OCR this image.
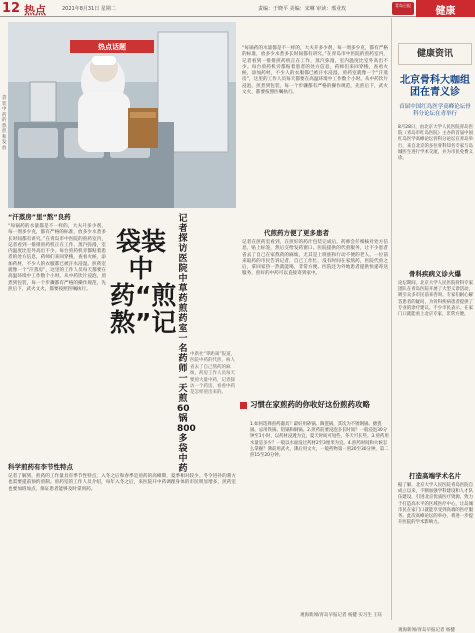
12 热点	2021年8月31日 星期二	责编：于晓平 美编：宋琳 审读：邢业玫
青岛日报
健康
热点话题
袋装中药的熬煎和发放
“汗蒸房”里“熬”良药
“每锅药的水量都是不一样的，大夫开多少剂，每一剂多少克，都有严格的标准，放多少水煮多长时间都有讲究。”在青岛市中医院的煎药室内，记者看到一排排煎药机正在工作，蒸汽弥漫，室内温度比室外高出不少。每台煎药机旁都贴着患者的处方信息，药师们来回穿梭，查看火候，添加药材，不少人的衣服都已被汗水浸湿。煎药室就像一个“汗蒸房”，这里的工作人员每天都要在高温环境中工作数个小时。从中药饮片浸泡、煎煮到包装，每一个步骤都有严格的操作规范，先煎后下，武火文火，都要按照医嘱执行。
袋装中药“煎熬”记
记者探访医院中草药煎药室 一名药师一天煎60锅800多袋中药
中新社“零距离”报道，医院中药的代煎，病人省去了自己熬药的麻烦，药房工作人员每天要煎大量中药，记者探访一个药房，看看中药是怎样煎出来的。
科学煎药有李节性特点
记者了解到，煎药的工作量具有季节性特点，入冬之后和春季是煎药的高峰期，夏季相对较少。冬令进补的膏方也需要提前预约煎制。煎药室的工作人员介绍，每年入冬之后，来医院开中药调理身体的市民明显增多，煎药室也要加班加点，保证患者能够及时拿到药。
代煎药方便了更多患者
记者在煎药室看到，在煎好的药汁包装完成后，药师会仔细核对处方信息，贴上标签，然后交给发药窗口。医院提供的代煎服务，让不少患者省去了自己在家熬药的麻烦，尤其是上班族和行动不便的老人。一位前来取药的市民告诉记者，自己工作忙，没有时间在家熬药，医院代煎之后，拿回家热一热就能喝，非常方便。医院还为外地患者提供快递寄送服务，煎好的中药可以直接寄到家中。
“每锅药的水量都是不一样的，大夫开多少剂，每一剂多少克，都有严格的标准，放多少水煮多长时间都有讲究。”在青岛市中医院的煎药室内，记者看到一排排煎药机正在工作，蒸汽弥漫，室内温度比室外高出不少。每台煎药机旁都贴着患者的处方信息，药师们来回穿梭，查看火候，添加药材，不少人的衣服都已被汗水浸湿。煎药室就像一个“汗蒸房”，这里的工作人员每天都要在高温环境中工作数个小时。从中药饮片浸泡、煎煮到包装，每一个步骤都有严格的操作规范，先煎后下，武火文火，都要按照医嘱执行。
习惯在家煎药的你收好这份煎药攻略
1.如何选择煎药器具？最好用砂锅、陶瓷锅，其次为不锈钢锅、搪瓷锅，忌用铁锅、铝锅和铜锅。2.煎药前要浸泡多长时间？一般浸泡30分钟至1小时，以药材浸透为宜，夏天时间可短些，冬天可长些。3.煎药用水量是多少？一般以水面没过药材2至3厘米为宜。4.煎药时间和火候怎么掌握？沸前用武火，沸后用文火，一般药物第一煎20至30分钟，第二煎15至20分钟。
观海新闻/青岛早报记者 杨健 实习生 王钰
健康资讯
北京骨科大咖组团在青义诊
首届中国红岛医学高峰论坛骨科分论坛在青举行
8月28日，由北京大学人民医院青岛医院（青岛市红岛医院）主办的首届中国红岛医学高峰论坛骨科分论坛在青岛举行，来自北京的多位骨科知名专家与岛城医生进行学术交流，并为市民免费义诊。
骨科疾病义诊火爆
论坛期间，北京大学人民医院骨科专家团队在青岛医院开展了大型义诊活动，吸引众多市民前来咨询。专家们耐心解答患者的疑问，为骨科疾病患者提供了专业的诊疗建议。不少市民表示，在家门口就能看上北京专家，非常方便。
打造高端学术名片
据了解，北京大学人民医院青岛医院自成立以来，不断加强学科建设和人才队伍建设，引进北京优质医疗资源，致力于打造高水平的区域医疗中心，让岛城市民在家门口就能享受到高端的医疗服务。此次高峰论坛的举办，将进一步提升医院的学术影响力。
观海新闻/青岛早报记者 杨健
